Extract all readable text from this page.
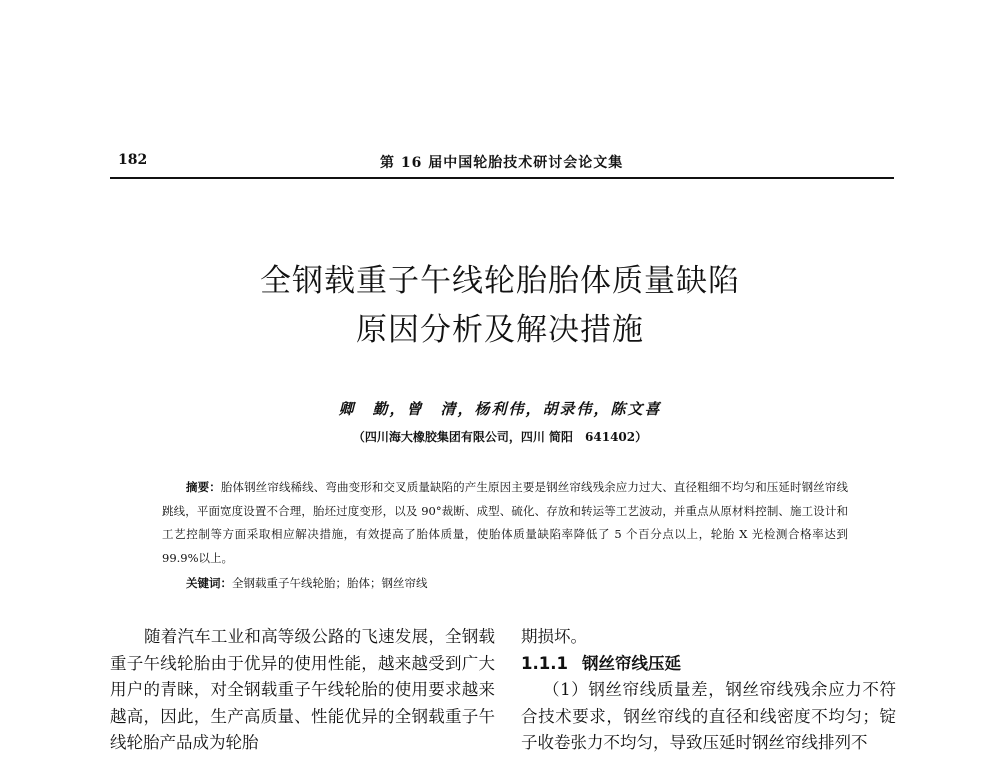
182	第 16 届中国轮胎技术研讨会论文集
全钢载重子午线轮胎胎体质量缺陷
原因分析及解决措施
卿　勤，曾　清，杨利伟，胡录伟，陈文喜
（四川海大橡胶集团有限公司，四川 简阳　641402）

摘要：胎体钢丝帘线稀线、弯曲变形和交叉质量缺陷的产生原因主要是钢丝帘线残余应力过大、直径粗细不均匀和压延时钢丝帘线跳线，平面宽度设置不合理，胎坯过度变形，以及 90°裁断、成型、硫化、存放和转运等工艺波动，并重点从原材料控制、施工设计和工艺控制等方面采取相应解决措施，有效提高了胎体质量，使胎体质量缺陷率降低了 5 个百分点以上，轮胎 X 光检测合格率达到 99.9%以上。

关键词：全钢载重子午线轮胎；胎体；钢丝帘线

随着汽车工业和高等级公路的飞速发展，全钢载重子午线轮胎由于优异的使用性能，越来越受到广大用户的青睐，对全钢载重子午线轮胎的使用要求越来越高，因此，生产高质量、性能优异的全钢载重子午线轮胎产品成为轮胎

期损坏。

1.1.1 钢丝帘线压延

（1）钢丝帘线质量差，钢丝帘线残余应力不符合技术要求，钢丝帘线的直径和线密度不均匀；锭子收卷张力不均匀，导致压延时钢丝帘线排列不
